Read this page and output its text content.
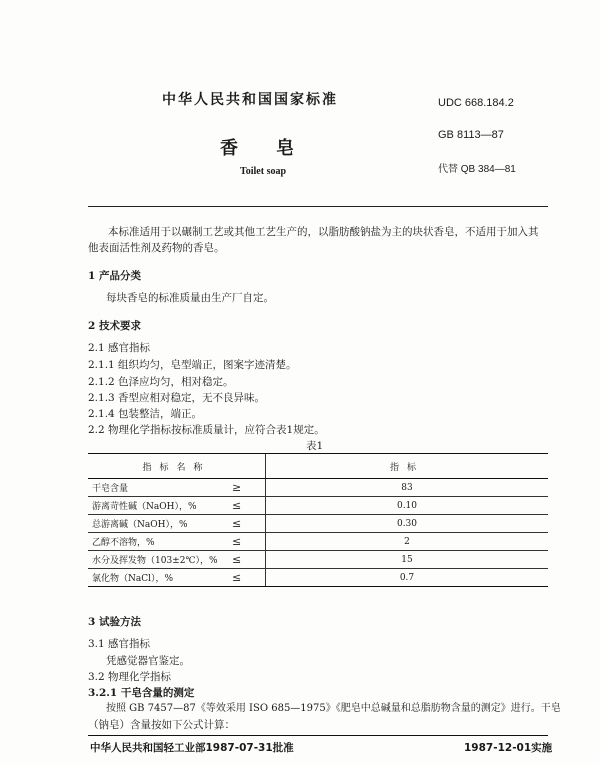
中华人民共和国国家标准	UDC 668.184.2
GB 8113—87
代替 QB 384—81
香皂
Toilet soap
本标准适用于以碾制工艺或其他工艺生产的，以脂肪酸钠盐为主的块状香皂，不适用于加入其他表面活性剂及药物的香皂。
1 产品分类
每块香皂的标准质量由生产厂自定。
2 技术要求
2.1 感官指标
2.1.1 组织均匀，皂型端正，图案字迹清楚。
2.1.2 色泽应均匀，相对稳定。
2.1.3 香型应相对稳定，无不良异味。
2.1.4 包装整洁，端正。
2.2 物理化学指标按标准质量计，应符合表1规定。
表1
指标名称		指标
干皂含量	≥	83
游离苛性碱（NaOH），%	≤	0.10
总游离碱（NaOH），%	≤	0.30
乙醇不溶物，%	≤	2
水分及挥发物（103±2℃），%	≤	15
氯化物（NaCl），%	≤	0.7
3 试验方法
3.1 感官指标
凭感觉器官鉴定。
3.2 物理化学指标
3.2.1 干皂含量的测定
按照 GB 7457—87《等效采用 ISO 685—1975》《肥皂中总碱量和总脂肪物含量的测定》进行。干皂
（钠皂）含量按如下公式计算：
中华人民共和国轻工业部1987-07-31批准	1987-12-01实施
